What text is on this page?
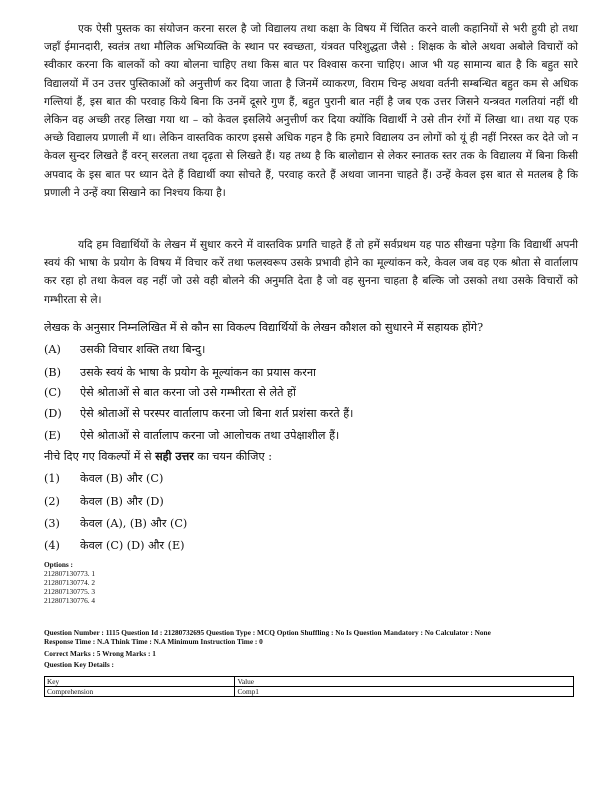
एक ऐसी पुस्तक का संयोजन करना सरल है जो विद्यालय तथा कक्षा के विषय में चिंतित करने वाली कहानियों से भरी हुयी हो तथा जहाँ ईमानदारी, स्वतंत्र तथा मौलिक अभिव्यक्ति के स्थान पर स्वच्छता, यंत्रवत परिशुद्धता जैसे : शिक्षक के बोले अथवा अबोले विचारों को स्वीकार करना कि बालकों को क्या बोलना चाहिए तथा किस बात पर विश्वास करना चाहिए। आज भी यह सामान्य बात है कि बहुत सारे विद्यालयों में उन उत्तर पुस्तिकाओं को अनुत्तीर्ण कर दिया जाता है जिनमें व्याकरण, विराम चिन्ह अथवा वर्तनी सम्बन्धित बहुत कम से अधिक गल्तियां हैं, इस बात की परवाह किये बिना कि उनमें दूसरे गुण हैं, बहुत पुरानी बात नहीं है जब एक उत्तर जिसने यन्त्रवत गलतियां नहीं थी लेकिन वह अच्छी तरह लिखा गया था – को केवल इसलिये अनुत्तीर्ण कर दिया क्योंकि विद्यार्थी ने उसे तीन रंगों में लिखा था। तथा यह एक अच्छे विद्यालय प्रणाली में था। लेकिन वास्तविक कारण इससे अधिक गहन है कि हमारे विद्यालय उन लोगों को यूं ही नहीं निरस्त कर देते जो न केवल सुन्दर लिखते हैं वरन् सरलता तथा दृढ़ता से लिखते हैं। यह तथ्य है कि बालोद्यान से लेकर स्नातक स्तर तक के विद्यालय में बिना किसी अपवाद के इस बात पर ध्यान देते हैं विद्यार्थी क्या सोचते हैं, परवाह करते हैं अथवा जानना चाहते हैं। उन्हें केवल इस बात से मतलब है कि प्रणाली ने उन्हें क्या सिखाने का निश्चय किया है।

यदि हम विद्यार्थियों के लेखन में सुधार करने में वास्तविक प्रगति चाहते हैं तो हमें सर्वप्रथम यह पाठ सीखना पड़ेगा कि विद्यार्थी अपनी स्वयं की भाषा के प्रयोग के विषय में विचार करें तथा फलस्वरूप उसके प्रभावी होने का मूल्यांकन करे, केवल जब वह एक श्रोता से वार्तालाप कर रहा हो तथा केवल वह नहीं जो उसे वही बोलने की अनुमति देता है जो वह सुनना चाहता है बल्कि जो उसको तथा उसके विचारों को गम्भीरता से ले।

लेखक के अनुसार निम्नलिखित में से कौन सा विकल्प विद्यार्थियों के लेखन कौशल को सुधारने में सहायक होंगे?

(A) उसकी विचार शक्ति तथा बिन्दु।
(B) उसके स्वयं के भाषा के प्रयोग के मूल्यांकन का प्रयास करना
(C) ऐसे श्रोताओं से बात करना जो उसे गम्भीरता से लेते हों
(D) ऐसे श्रोताओं से परस्पर वार्तालाप करना जो बिना शर्त प्रशंसा करते हैं।
(E) ऐसे श्रोताओं से वार्तालाप करना जो आलोचक तथा उपेक्षाशील हैं।
नीचे दिए गए विकल्पों में से सही उत्तर का चयन कीजिए :
(1) केवल (B) और (C)
(2) केवल (B) और (D)
(3) केवल (A), (B) और (C)
(4) केवल (C) (D) और (E)
Options :
212807130773. 1
212807130774. 2
212807130775. 3
212807130776. 4
Question Number : 1115 Question Id : 21280732695 Question Type : MCQ Option Shuffling : No Is Question Mandatory : No Calculator : None
Response Time : N.A Think Time : N.A Minimum Instruction Time : 0
Correct Marks : 5 Wrong Marks : 1
Question Key Details :
Key	Value
Comprehension	Comp1
